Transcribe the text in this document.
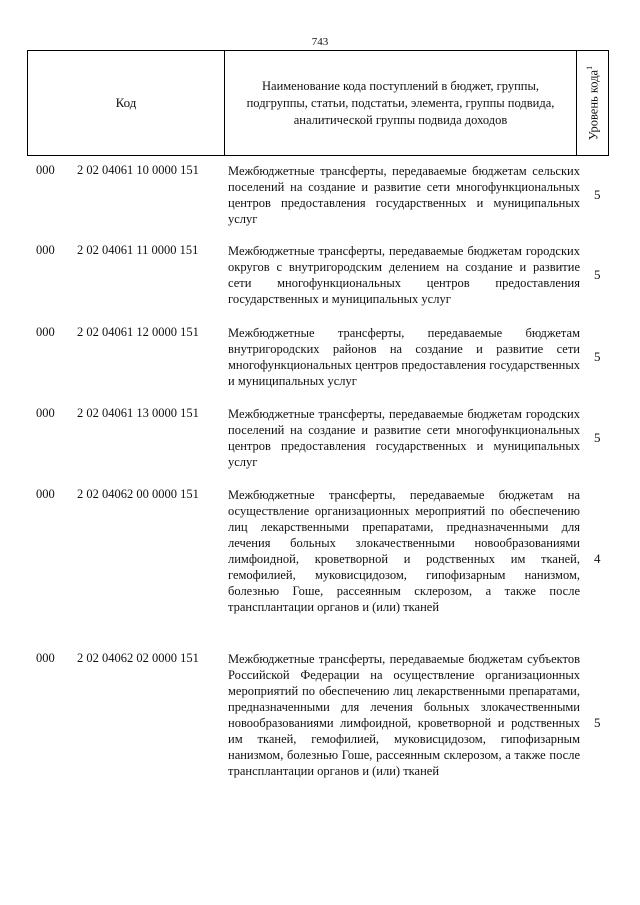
743
Код
Наименование кода поступлений в бюджет, группы, подгруппы, статьи, подстатьи, элемента, группы подвида, аналитической группы подвида доходов	Уровень кода$^1$
000 2 02 04061 10 0000 151 Межбюджетные трансферты, передаваемые бюджетам сельских поселений на создание и развитие сети многофункциональных центров предоставления государственных и муниципальных услуг
5
000 2 02 04061 11 0000 151 Межбюджетные трансферты, передаваемые бюджетам городских округов с внутригородским делением на создание и развитие сети многофункциональных центров предоставления государственных и муниципальных услуг
5
000 2 02 04061 12 0000 151 Межбюджетные трансферты, передаваемые бюджетам внутригородских районов на создание и развитие сети многофункциональных центров предоставления государственных и муниципальных услуг
5
000 2 02 04061 13 0000 151 Межбюджетные трансферты, передаваемые бюджетам городских поселений на создание и развитие сети многофункциональных центров предоставления государственных и муниципальных услуг
5
000 2 02 04062 00 0000 151 Межбюджетные трансферты, передаваемые бюджетам на осуществление организационных мероприятий по обеспечению лиц лекарственными препаратами, предназначенными для лечения больных злокачественными новообразованиями лимфоидной, кроветворной и родственных им тканей, гемофилией, муковисцидозом, гипофизарным нанизмом, болезнью Гоше, рассеянным склерозом, а также после трансплантации органов и (или) тканей
4
000 2 02 04062 02 0000 151 Межбюджетные трансферты, передаваемые бюджетам субъектов Российской Федерации на осуществление организационных мероприятий по обеспечению лиц лекарственными препаратами, предназначенными для лечения больных злокачественными новообразованиями лимфоидной, кроветворной и родственных им тканей, гемофилией, муковисцидозом, гипофизарным нанизмом, болезнью Гоше, рассеянным склерозом, а также после трансплантации органов и (или) тканей
5
